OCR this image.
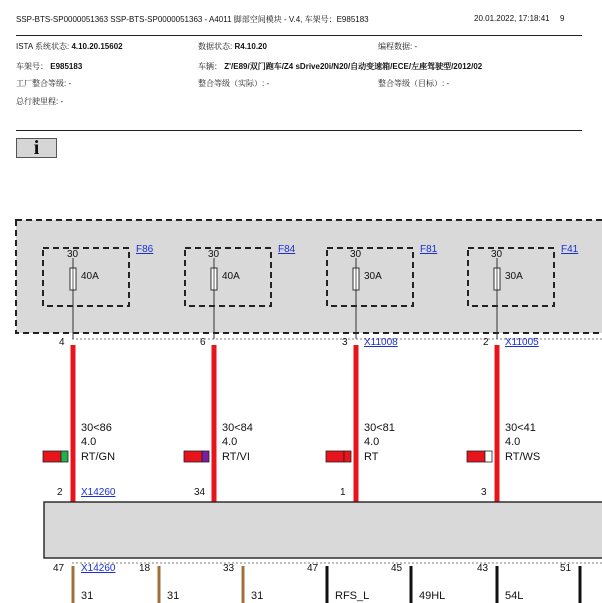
SSP-BTS-SP0000051363 SSP-BTS-SP0000051363 - A4011 脚部空间模块 - V.4, 车架号：E985183	20.01.2022, 17:18:41 9
ISTA 系统状态: 4.10.20.15602	数据状态: R4.10.20	编程数据: -
车架号： E985183	车辆： Z'/E89/双门跑车/Z4 sDrive20i/N20/自动变速箱/ECE/左座驾驶型/2012/02
工厂整合等级: -	整合等级（实际）: -	整合等级（目标）: -
总行驶里程: -
i
F86
30
40A
F84
30
40A
F81
30
30A
F41
30
30A
4
30<86
4.0
RT/GN
2 X14260
6
30<84
4.0
RT/VI
34
3 X11008
30<81
4.0
RT
1
2 X11005
30<41
4.0
RT/WS
3
47 X14260
31
18
31
33
31
47
RFS_L
45
49HL
43
54L
51
